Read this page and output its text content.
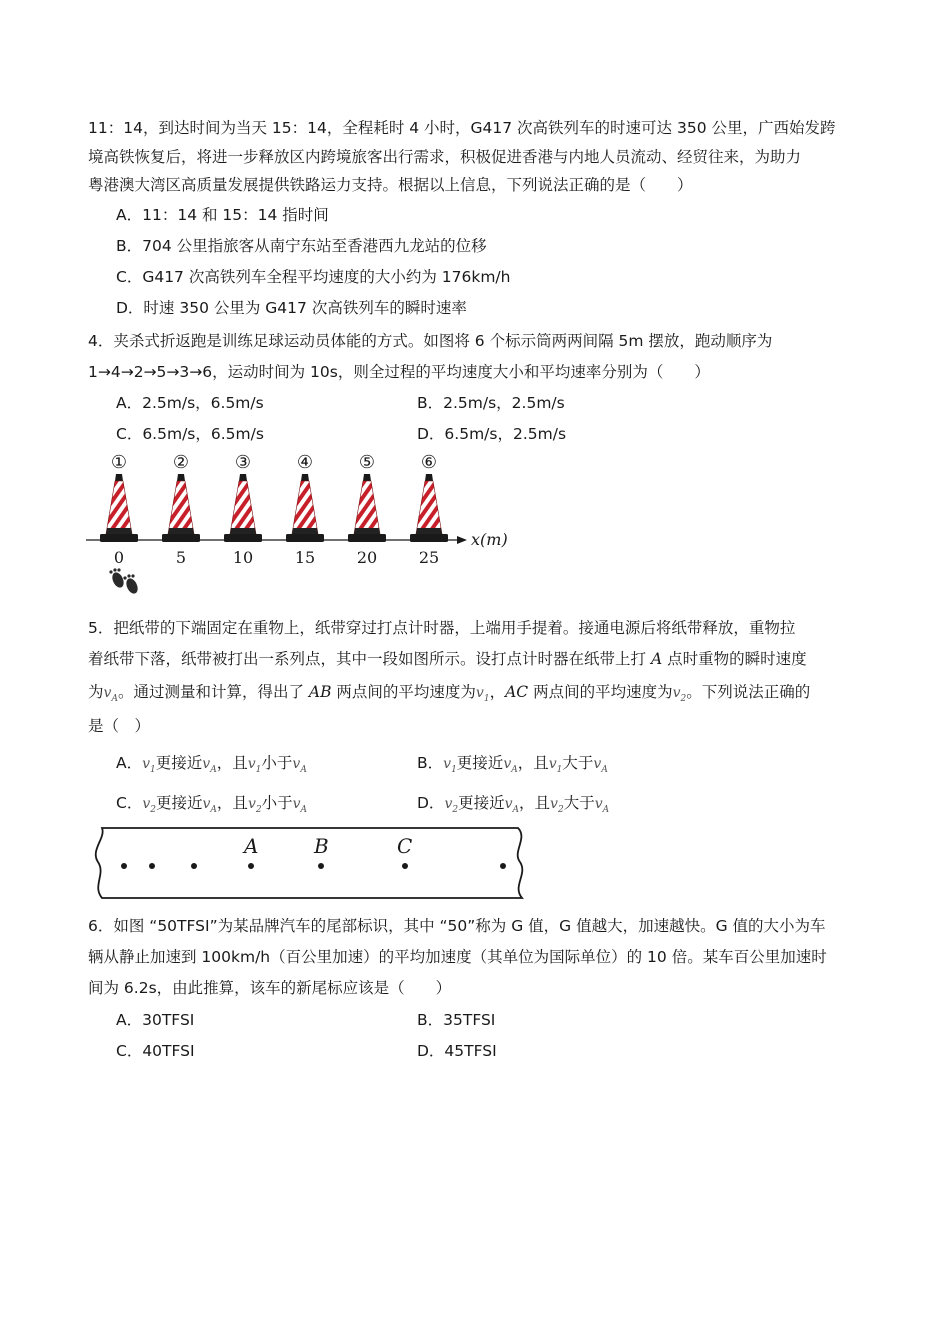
11：14，到达时间为当天 15：14，全程耗时 4 小时，G417 次高铁列车的时速可达 350 公里，广西始发跨
境高铁恢复后，将进一步释放区内跨境旅客出行需求，积极促进香港与内地人员流动、经贸往来，为助力
粤港澳大湾区高质量发展提供铁路运力支持。根据以上信息，下列说法正确的是（　　）
A．11：14 和 15：14 指时间
B．704 公里指旅客从南宁东站至香港西九龙站的位移
C．G417 次高铁列车全程平均速度的大小约为 176km/h
D．时速 350 公里为 G417 次高铁列车的瞬时速率
4．夹杀式折返跑是训练足球运动员体能的方式。如图将 6 个标示筒两两间隔 5m 摆放，跑动顺序为
1→4→2→5→3→6，运动时间为 10s，则全过程的平均速度大小和平均速率分别为（　　）
A．2.5m/s，6.5m/s	B．2.5m/s，2.5m/s
C．6.5m/s，6.5m/s	D．6.5m/s，2.5m/s
①	②	③	④	⑤	⑥
x(m)
0	5	10	15	20	25
5．把纸带的下端固定在重物上，纸带穿过打点计时器，上端用手提着。接通电源后将纸带释放，重物拉
着纸带下落，纸带被打出一系列点，其中一段如图所示。设打点计时器在纸带上打 A 点时重物的瞬时速度
为$v_A$。通过测量和计算，得出了 AB 两点间的平均速度为$v_1$，AC 两点间的平均速度为$v_2$。下列说法正确的
是（　）
A．$v_1$更接近$v_A$，且$v_1$小于$v_A$	B．$v_1$更接近$v_A$，且$v_1$大于$v_A$
C．$v_2$更接近$v_A$，且$v_2$小于$v_A$	D．$v_2$更接近$v_A$，且$v_2$大于$v_A$
A	B	C
6．如图 “50TFSI”为某品牌汽车的尾部标识，其中 “50”称为 G 值，G 值越大，加速越快。G 值的大小为车
辆从静止加速到 100km/h（百公里加速）的平均加速度（其单位为国际单位）的 10 倍。某车百公里加速时
间为 6.2s，由此推算，该车的新尾标应该是（　　）
A．30TFSI	B．35TFSI
C．40TFSI	D．45TFSI
